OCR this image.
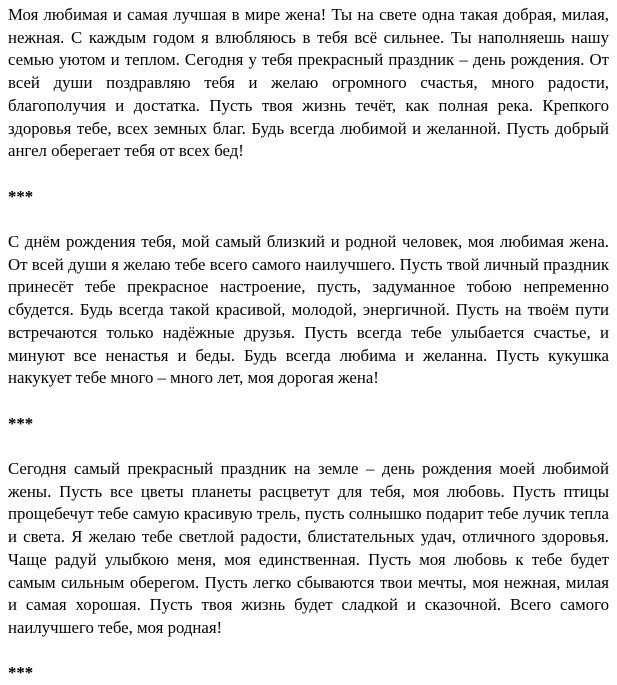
Моя любимая и самая лучшая в мире жена! Ты на свете одна такая добрая, милая, нежная. С каждым годом я влюбляюсь в тебя всё сильнее. Ты наполняешь нашу семью уютом и теплом. Сегодня у тебя прекрасный праздник – день рождения. От всей души поздравляю тебя и желаю огромного счастья, много радости, благополучия и достатка. Пусть твоя жизнь течёт, как полная река. Крепкого здоровья тебе, всех земных благ. Будь всегда любимой и желанной. Пусть добрый ангел оберегает тебя от всех бед!

***

С днём рождения тебя, мой самый близкий и родной человек, моя любимая жена. От всей души я желаю тебе всего самого наилучшего. Пусть твой личный праздник принесёт тебе прекрасное настроение, пусть, задуманное тобою непременно сбудется. Будь всегда такой красивой, молодой, энергичной. Пусть на твоём пути встречаются только надёжные друзья. Пусть всегда тебе улыбается счастье, и минуют все ненастья и беды. Будь всегда любима и желанна. Пусть кукушка накукует тебе много – много лет, моя дорогая жена!

***

Сегодня самый прекрасный праздник на земле – день рождения моей любимой жены. Пусть все цветы планеты расцветут для тебя, моя любовь. Пусть птицы прощебечут тебе самую красивую трель, пусть солнышко подарит тебе лучик тепла и света. Я желаю тебе светлой радости, блистательных удач, отличного здоровья. Чаще радуй улыбкою меня, моя единственная. Пусть моя любовь к тебе будет самым сильным оберегом. Пусть легко сбываются твои мечты, моя нежная, милая и самая хорошая. Пусть твоя жизнь будет сладкой и сказочной. Всего самого наилучшего тебе, моя родная!

***
